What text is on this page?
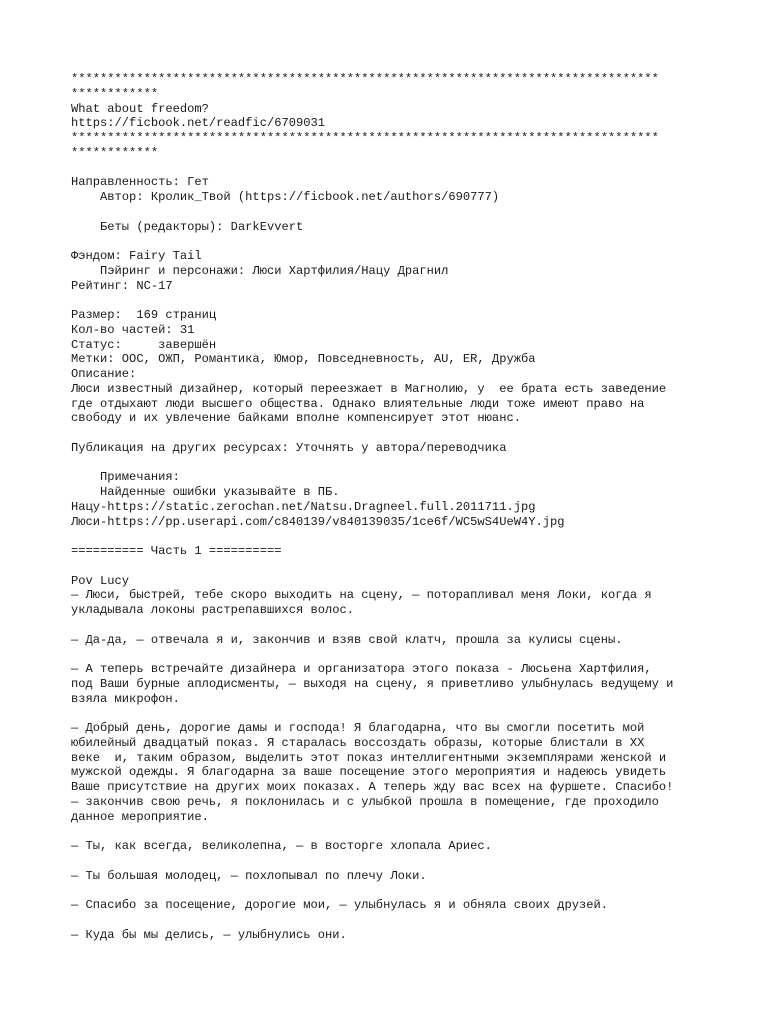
*********************************************************************************
************
What about freedom?
https://ficbook.net/readfic/6709031
*********************************************************************************
************
Направленность: Гет
Автор: Кролик_Твой (https://ficbook.net/authors/690777)
Беты (редакторы): DarkEvvert
Фэндом: Fairy Tail
Пэйринг и персонажи: Люси Хартфилия/Нацу Драгнил
Рейтинг: NC-17
Размер:  169 страниц
Кол-во частей: 31
Статус:     завершён
Метки: ООС, ОЖП, Романтика, Юмор, Повседневность, AU, ER, Дружба
Описание:
Люси известный дизайнер, который переезжает в Магнолию, у  ее брата есть заведение
где отдыхают люди высшего общества. Однако влиятельные люди тоже имеют право на
свободу и их увлечение байками вполне компенсирует этот нюанс.
Публикация на других ресурсах: Уточнять у автора/переводчика
Примечания:
Найденные ошибки указывайте в ПБ.
Нацу-https://static.zerochan.net/Natsu.Dragneel.full.2011711.jpg
Люси-https://pp.userapi.com/c840139/v840139035/1ce6f/WC5wS4UeW4Y.jpg
========== Часть 1 ==========
Pov Lucy
— Люси, быстрей, тебе скоро выходить на сцену, — поторапливал меня Локи, когда я
укладывала локоны растрепавшихся волос.
— Да-да, — отвечала я и, закончив и взяв свой клатч, прошла за кулисы сцены.
— А теперь встречайте дизайнера и организатора этого показа - Люсьена Хартфилия,
под Ваши бурные аплодисменты, — выходя на сцену, я приветливо улыбнулась ведущему и
взяла микрофон.
— Добрый день, дорогие дамы и господа! Я благодарна, что вы смогли посетить мой
юбилейный двадцатый показ. Я старалась воссоздать образы, которые блистали в XX
веке  и, таким образом, выделить этот показ интеллигентными экземплярами женской и
мужской одежды. Я благодарна за ваше посещение этого мероприятия и надеюсь увидеть
Ваше присутствие на других моих показах. А теперь жду вас всех на фуршете. Спасибо!
— закончив свою речь, я поклонилась и с улыбкой прошла в помещение, где проходило
данное мероприятие.
— Ты, как всегда, великолепна, — в восторге хлопала Ариес.
— Ты большая молодец, — похлопывал по плечу Локи.
— Спасибо за посещение, дорогие мои, — улыбнулась я и обняла своих друзей.
— Куда бы мы делись, — улыбнулись они.
